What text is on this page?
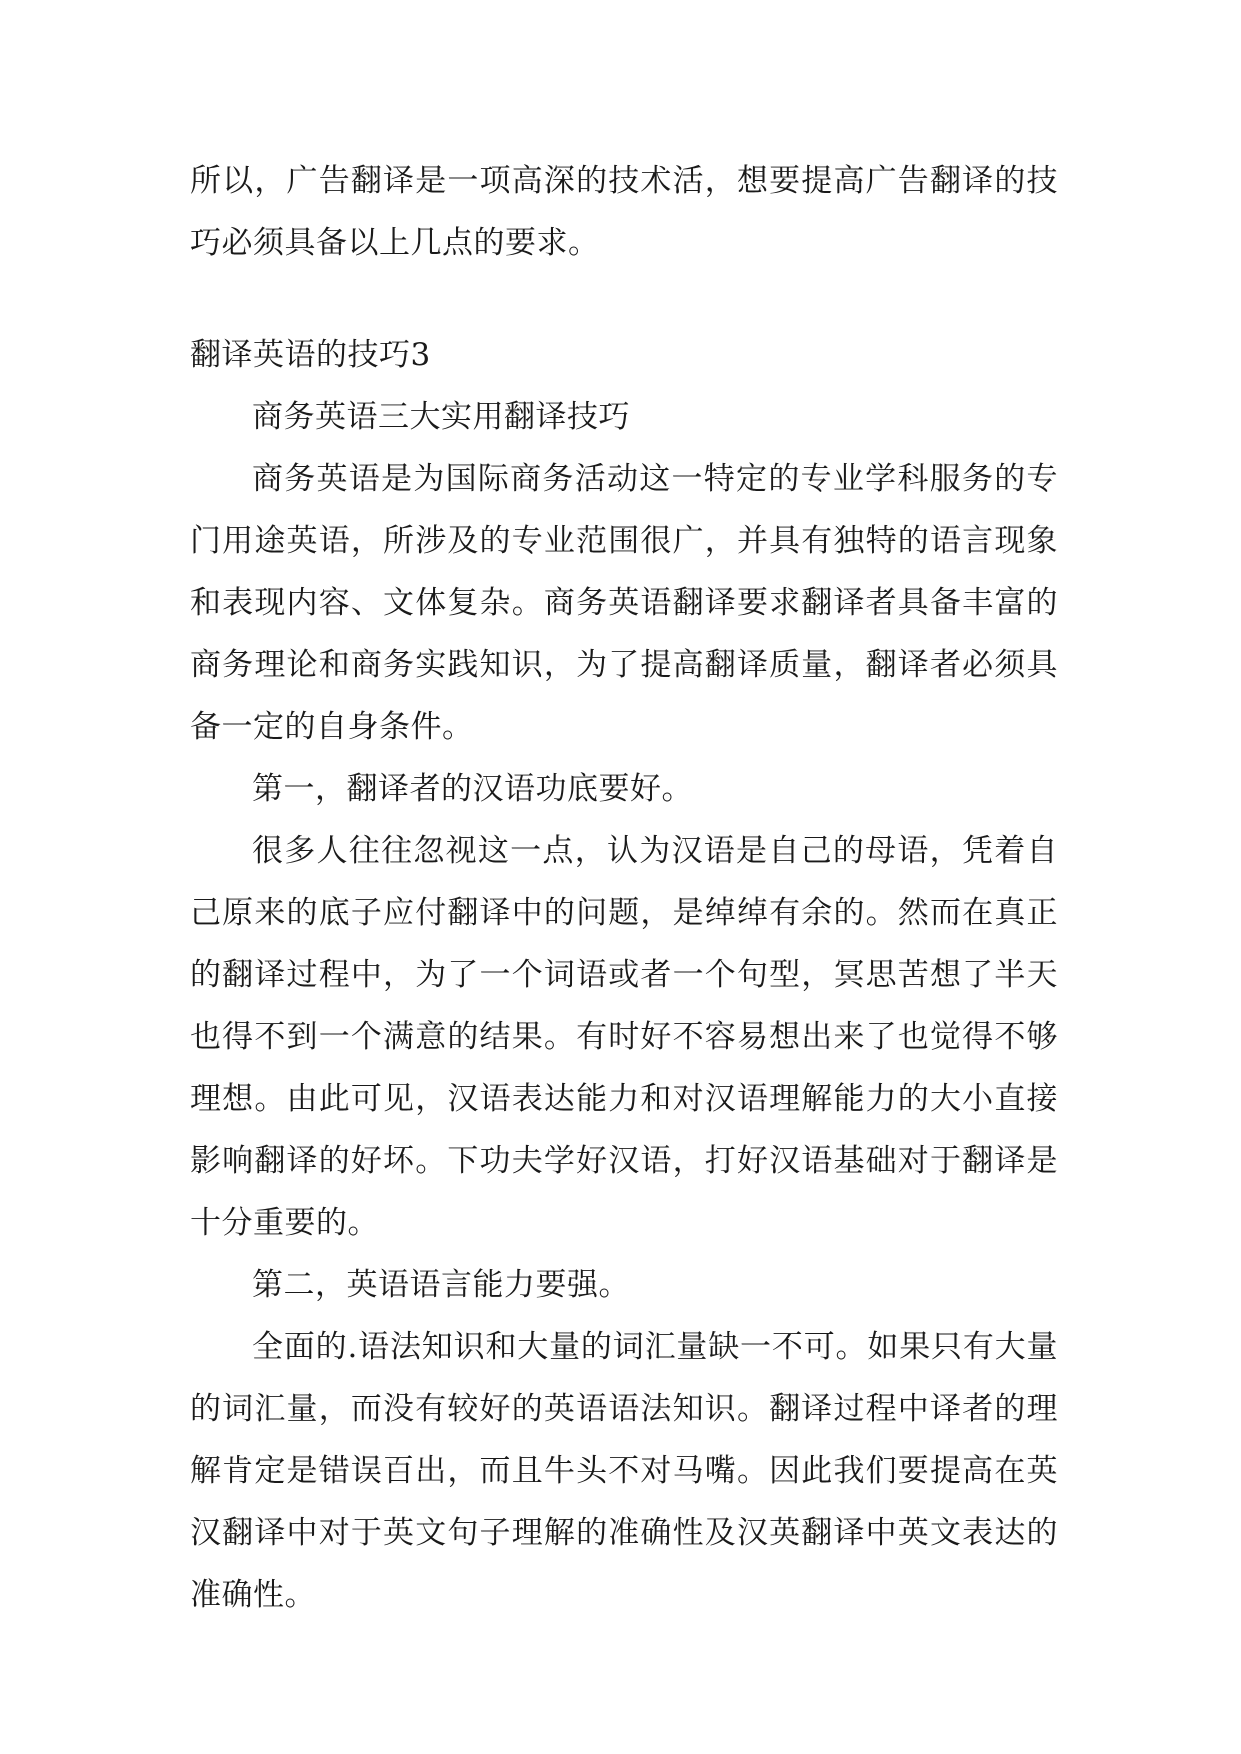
所以，广告翻译是一项高深的技术活，想要提高广告翻译的技巧必须具备以上几点的要求。

翻译英语的技巧3

商务英语三大实用翻译技巧

商务英语是为国际商务活动这一特定的专业学科服务的专门用途英语，所涉及的专业范围很广，并具有独特的语言现象和表现内容、文体复杂。商务英语翻译要求翻译者具备丰富的商务理论和商务实践知识，为了提高翻译质量，翻译者必须具备一定的自身条件。

第一，翻译者的汉语功底要好。

很多人往往忽视这一点，认为汉语是自己的母语，凭着自己原来的底子应付翻译中的问题，是绰绰有余的。然而在真正的翻译过程中，为了一个词语或者一个句型，冥思苦想了半天也得不到一个满意的结果。有时好不容易想出来了也觉得不够理想。由此可见，汉语表达能力和对汉语理解能力的大小直接影响翻译的好坏。下功夫学好汉语，打好汉语基础对于翻译是十分重要的。

第二，英语语言能力要强。

全面的.语法知识和大量的词汇量缺一不可。如果只有大量的词汇量，而没有较好的英语语法知识。翻译过程中译者的理解肯定是错误百出，而且牛头不对马嘴。因此我们要提高在英汉翻译中对于英文句子理解的准确性及汉英翻译中英文表达的准确性。
